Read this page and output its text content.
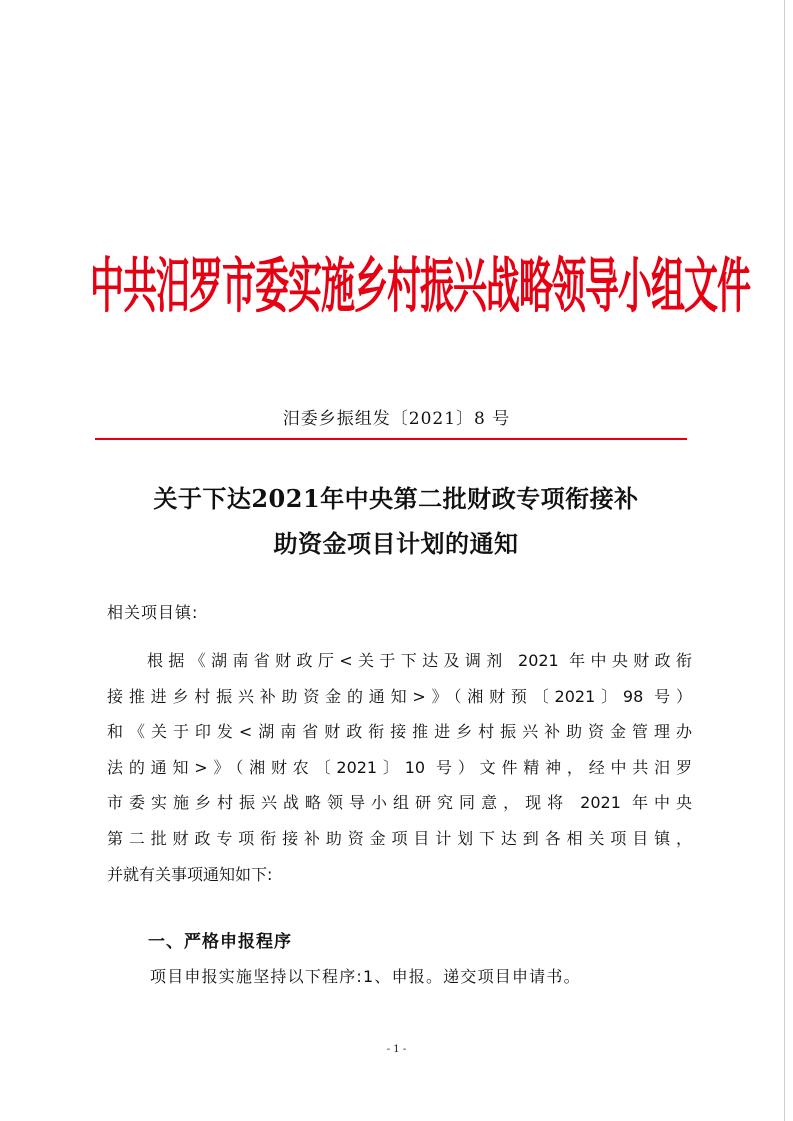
中共汨罗市委实施乡村振兴战略领导小组文件
汨委乡振组发〔2021〕8 号
关于下达2021年中央第二批财政专项衔接补
助资金项目计划的通知
相关项目镇:
根据《湖南省财政厅<关于下达及调剂 2021 年中央财政衔
接推进乡村振兴补助资金的通知>》（湘财预〔2021〕98 号）
和《关于印发<湖南省财政衔接推进乡村振兴补助资金管理办
法的通知>》（湘财农〔2021〕10 号）文件精神，经中共汨罗
市委实施乡村振兴战略领导小组研究同意，现将 2021 年中央
第二批财政专项衔接补助资金项目计划下达到各相关项目镇，
并就有关事项通知如下:
一、严格申报程序
项目申报实施坚持以下程序:1、申报。递交项目申请书。
- 1 -
